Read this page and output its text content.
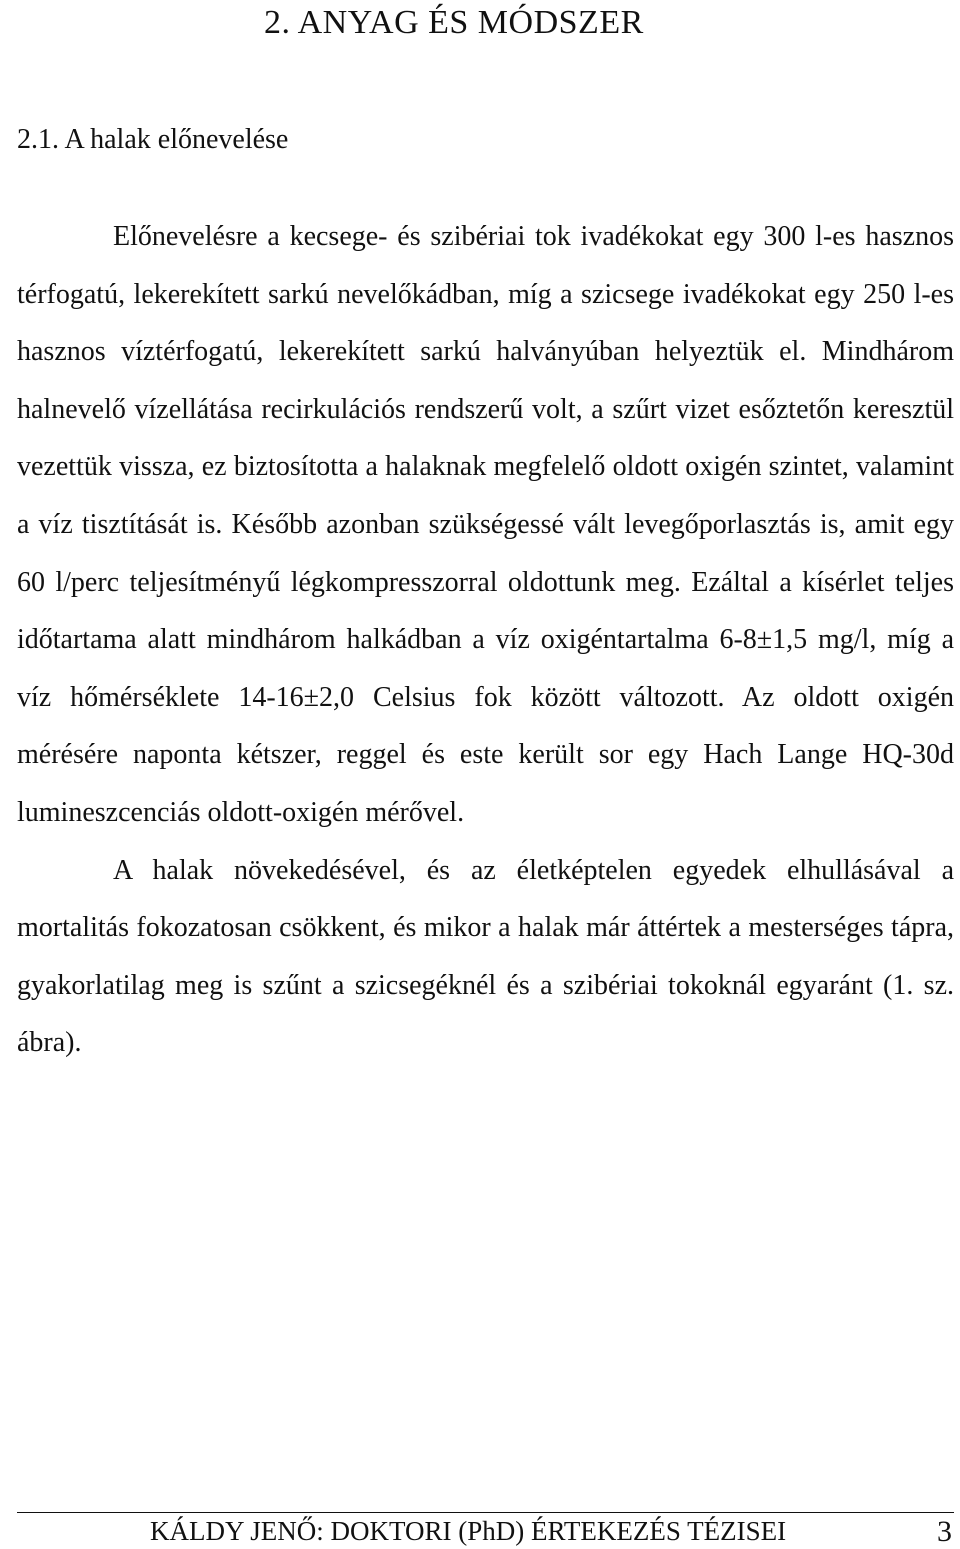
2. ANYAG ÉS MÓDSZER
2.1. A halak előnevelése

Előnevelésre a kecsege- és szibériai tok ivadékokat egy 300 l-es hasznos térfogatú, lekerekített sarkú nevelőkádban, míg a szicsege ivadékokat egy 250 l-es hasznos víztérfogatú, lekerekített sarkú halványúban helyeztük el. Mindhárom halnevelő vízellátása recirkulációs rendszerű volt, a szűrt vizet esőztetőn keresztül vezettük vissza, ez biztosította a halaknak megfelelő oldott oxigén szintet, valamint a víz tisztítását is. Később azonban szükségessé vált levegőporlasztás is, amit egy 60 l/perc teljesítményű légkompresszorral oldottunk meg. Ezáltal a kísérlet teljes időtartama alatt mindhárom halkádban a víz oxigéntartalma 6-8±1,5 mg/l, míg a víz hőmérséklete 14-16±2,0 Celsius fok között változott. Az oldott oxigén mérésére naponta kétszer, reggel és este került sor egy Hach Lange HQ-30d lumineszcenciás oldott-oxigén mérővel.

A halak növekedésével, és az életképtelen egyedek elhullásával a mortalitás fokozatosan csökkent, és mikor a halak már áttértek a mesterséges tápra, gyakorlatilag meg is szűnt a szicsegéknél és a szibériai tokoknál egyaránt (1. sz. ábra).

KÁLDY JENŐ: DOKTORI (PhD) ÉRTEKEZÉS TÉZISEI	3
